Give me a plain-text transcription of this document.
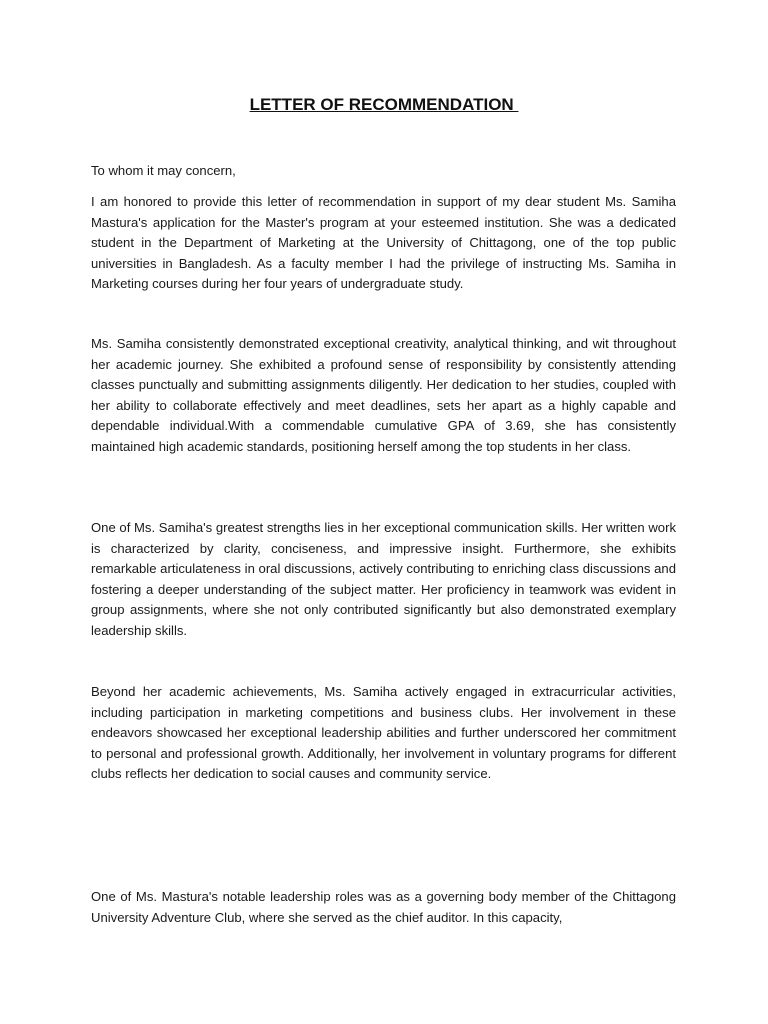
LETTER OF RECOMMENDATION
To whom it may concern,
I am honored to provide this letter of recommendation in support of my dear student Ms. Samiha Mastura's application for the Master's program at your esteemed institution. She was a dedicated student in the Department of Marketing at the University of Chittagong, one of the top public universities in Bangladesh. As a faculty member I had the privilege of instructing Ms. Samiha in Marketing courses during her four years of undergraduate study.
Ms. Samiha consistently demonstrated exceptional creativity, analytical thinking, and wit throughout her academic journey. She exhibited a profound sense of responsibility by consistently attending classes punctually and submitting assignments diligently. Her dedication to her studies, coupled with her ability to collaborate effectively and meet deadlines, sets her apart as a highly capable and dependable individual.With a commendable cumulative GPA of 3.69, she has consistently maintained high academic standards, positioning herself among the top students in her class.
One of Ms. Samiha's greatest strengths lies in her exceptional communication skills. Her written work is characterized by clarity, conciseness, and impressive insight. Furthermore, she exhibits remarkable articulateness in oral discussions, actively contributing to enriching class discussions and fostering a deeper understanding of the subject matter. Her proficiency in teamwork was evident in group assignments, where she not only contributed significantly but also demonstrated exemplary leadership skills.
Beyond her academic achievements, Ms. Samiha actively engaged in extracurricular activities, including participation in marketing competitions and business clubs. Her involvement in these endeavors showcased her exceptional leadership abilities and further underscored her commitment to personal and professional growth. Additionally, her involvement in voluntary programs for different clubs reflects her dedication to social causes and community service.
One of Ms. Mastura's notable leadership roles was as a governing body member of the Chittagong University Adventure Club, where she served as the chief auditor. In this capacity,
